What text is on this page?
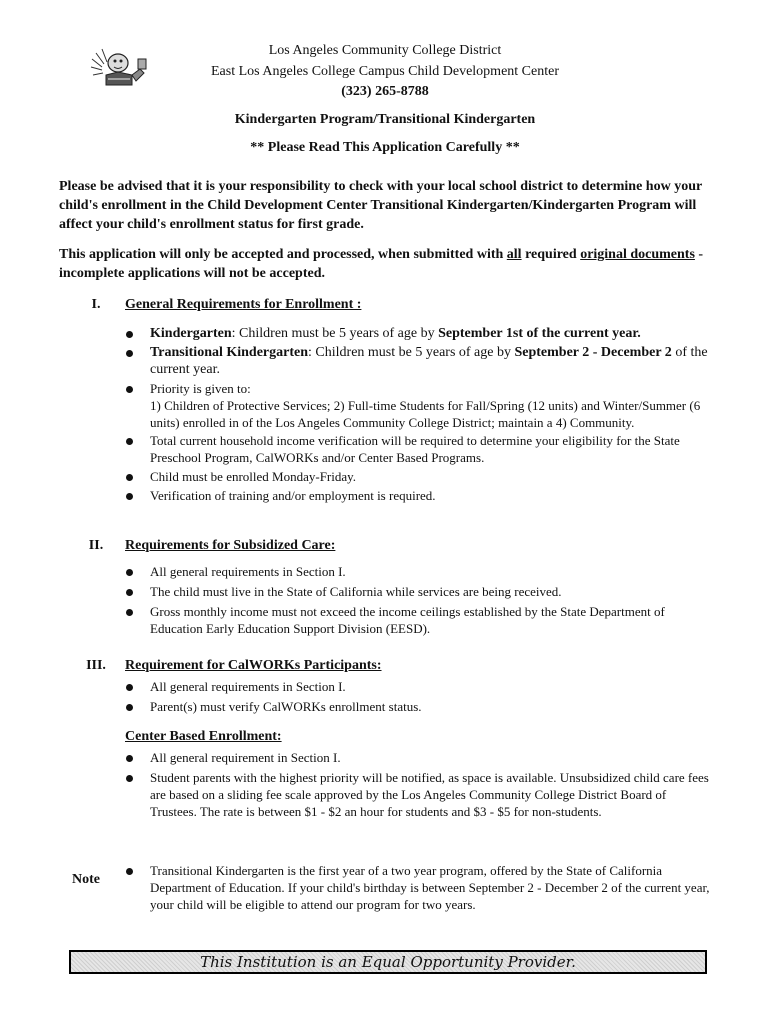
Los Angeles Community College District
East Los Angeles College Campus Child Development Center
(323) 265-8788
Kindergarten Program/Transitional Kindergarten
** Please Read This Application Carefully **

Please be advised that it is your responsibility to check with your local school district to determine how your child's enrollment in the Child Development Center Transitional Kindergarten/Kindergarten Program will affect your child's enrollment status for first grade.

This application will only be accepted and processed, when submitted with all required original documents - incomplete applications will not be accepted.

I.	General Requirements for Enrollment :
Kindergarten: Children must be 5 years of age by September 1st of the current year.
Transitional Kindergarten: Children must be 5 years of age by September 2 - December 2 of the current year.
Priority is given to:
1) Children of Protective Services; 2) Full-time Students for Fall/Spring (12 units) and Winter/Summer (6 units) enrolled in of the Los Angeles Community College District; maintain a 4) Community.
Total current household income verification will be required to determine your eligibility for the State Preschool Program, CalWORKs and/or Center Based Programs.
Child must be enrolled Monday-Friday.
Verification of training and/or employment is required.
II.	Requirements for Subsidized Care:
All general requirements in Section I.
The child must live in the State of California while services are being received.
Gross monthly income must not exceed the income ceilings established by the State Department of Education Early Education Support Division (EESD).
III.	Requirement for CalWORKs Participants:
All general requirements in Section I.
Parent(s) must verify CalWORKs enrollment status.
Center Based Enrollment:
All general requirement in Section I.
Student parents with the highest priority will be notified, as space is available. Unsubsidized child care fees are based on a sliding fee scale approved by the Los Angeles Community College District Board of Trustees. The rate is between $1 - $2 an hour for students and $3 - $5 for non-students.
Note
Transitional Kindergarten is the first year of a two year program, offered by the State of California Department of Education. If your child's birthday is between September 2 - December 2 of the current year, your child will be eligible to attend our program for two years.
This Institution is an Equal Opportunity Provider.
